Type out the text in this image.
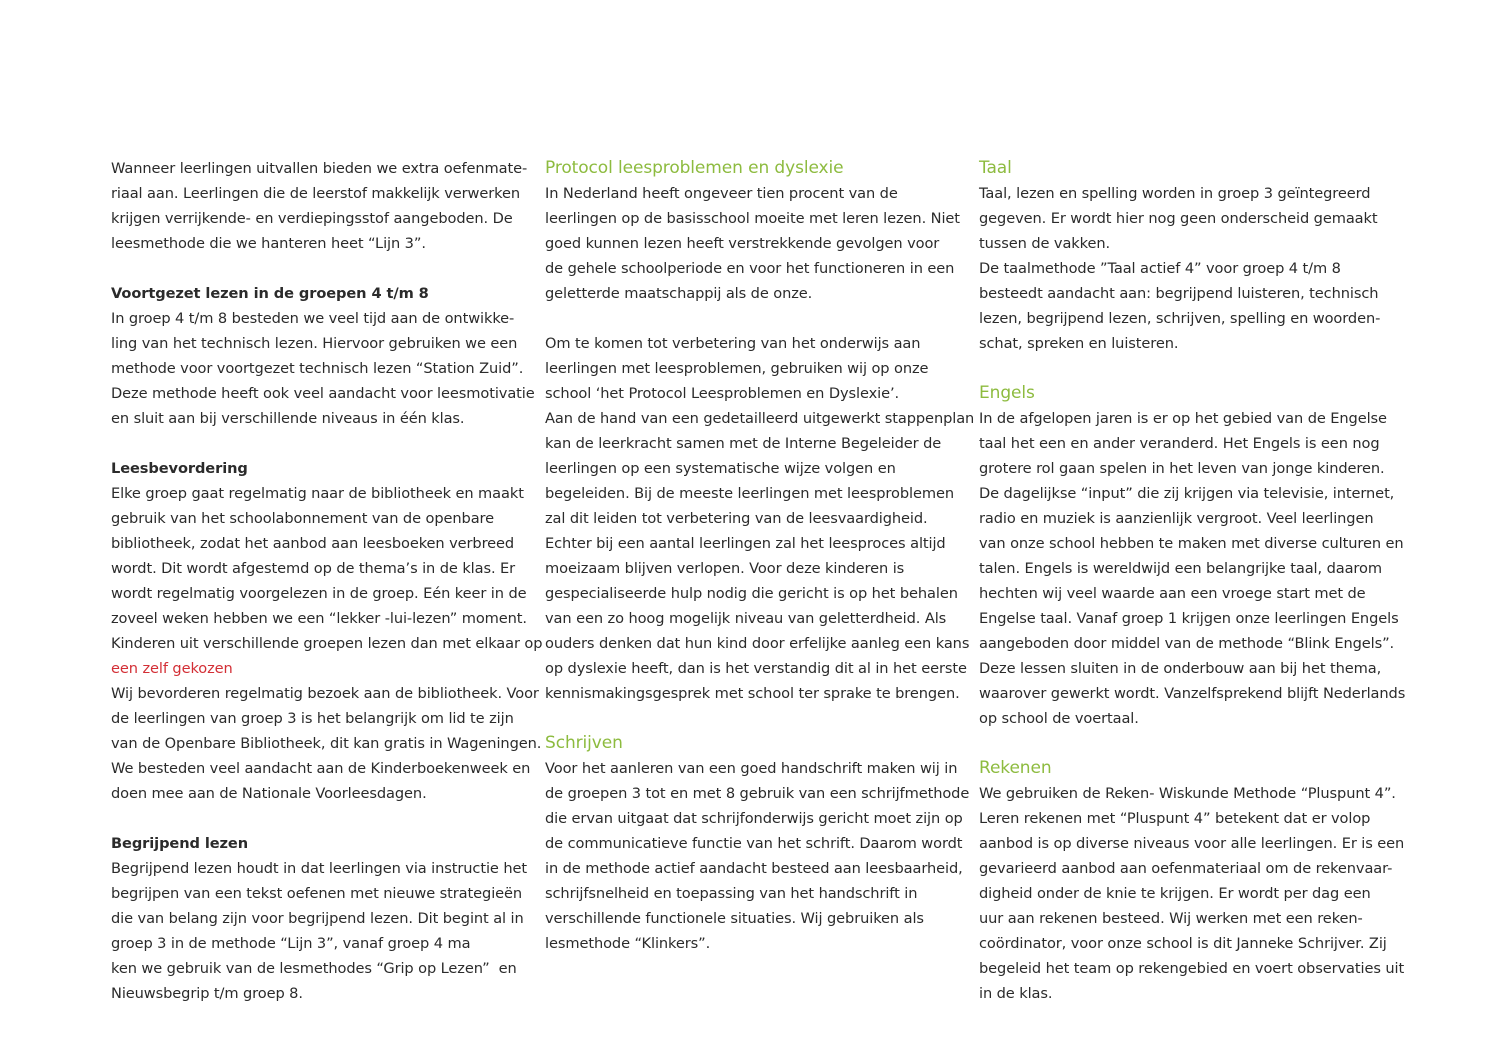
Wanneer leerlingen uitvallen bieden we extra oefenmate-
riaal aan. Leerlingen die de leerstof makkelijk verwerken
krijgen verrijkende- en verdiepingsstof aangeboden. De
leesmethode die we hanteren heet “Lijn 3”.
Voortgezet lezen in de groepen 4 t/m 8
In groep 4 t/m 8 besteden we veel tijd aan de ontwikke-
ling van het technisch lezen. Hiervoor gebruiken we een
methode voor voortgezet technisch lezen “Station Zuid”.
Deze methode heeft ook veel aandacht voor leesmotivatie
en sluit aan bij verschillende niveaus in één klas.
Leesbevordering
Elke groep gaat regelmatig naar de bibliotheek en maakt
gebruik van het schoolabonnement van de openbare
bibliotheek, zodat het aanbod aan leesboeken verbreed
wordt. Dit wordt afgestemd op de thema’s in de klas. Er
wordt regelmatig voorgelezen in de groep. Eén keer in de
zoveel weken hebben we een “lekker -lui-lezen” moment.
Kinderen uit verschillende groepen lezen dan met elkaar op
een zelf gekozen
Wij bevorderen regelmatig bezoek aan de bibliotheek. Voor
de leerlingen van groep 3 is het belangrijk om lid te zijn
van de Openbare Bibliotheek, dit kan gratis in Wageningen.
We besteden veel aandacht aan de Kinderboekenweek en
doen mee aan de Nationale Voorleesdagen.
Begrijpend lezen
Begrijpend lezen houdt in dat leerlingen via instructie het
begrijpen van een tekst oefenen met nieuwe strategieën
die van belang zijn voor begrijpend lezen. Dit begint al in
groep 3 in de methode “Lijn 3”, vanaf groep 4 ma
ken we gebruik van de lesmethodes “Grip op Lezen”  en
Nieuwsbegrip t/m groep 8.
Protocol leesproblemen en dyslexie
In Nederland heeft ongeveer tien procent van de
leerlingen op de basisschool moeite met leren lezen. Niet
goed kunnen lezen heeft verstrekkende gevolgen voor
de gehele schoolperiode en voor het functioneren in een
geletterde maatschappij als de onze.
Om te komen tot verbetering van het onderwijs aan
leerlingen met leesproblemen, gebruiken wij op onze
school ‘het Protocol Leesproblemen en Dyslexie’.
Aan de hand van een gedetailleerd uitgewerkt stappenplan
kan de leerkracht samen met de Interne Begeleider de
leerlingen op een systematische wijze volgen en
begeleiden. Bij de meeste leerlingen met leesproblemen
zal dit leiden tot verbetering van de leesvaardigheid.
Echter bij een aantal leerlingen zal het leesproces altijd
moeizaam blijven verlopen. Voor deze kinderen is
gespecialiseerde hulp nodig die gericht is op het behalen
van een zo hoog mogelijk niveau van geletterdheid. Als
ouders denken dat hun kind door erfelijke aanleg een kans
op dyslexie heeft, dan is het verstandig dit al in het eerste
kennismakingsgesprek met school ter sprake te brengen.
Schrijven
Voor het aanleren van een goed handschrift maken wij in
de groepen 3 tot en met 8 gebruik van een schrijfmethode
die ervan uitgaat dat schrijfonderwijs gericht moet zijn op
de communicatieve functie van het schrift. Daarom wordt
in de methode actief aandacht besteed aan leesbaarheid,
schrijfsnelheid en toepassing van het handschrift in
verschillende functionele situaties. Wij gebruiken als
lesmethode “Klinkers”.
Taal
Taal, lezen en spelling worden in groep 3 geïntegreerd
gegeven. Er wordt hier nog geen onderscheid gemaakt
tussen de vakken.
De taalmethode ”Taal actief 4” voor groep 4 t/m 8
besteedt aandacht aan: begrijpend luisteren, technisch
lezen, begrijpend lezen, schrijven, spelling en woorden-
schat, spreken en luisteren.
Engels
In de afgelopen jaren is er op het gebied van de Engelse
taal het een en ander veranderd. Het Engels is een nog
grotere rol gaan spelen in het leven van jonge kinderen.
De dagelijkse “input” die zij krijgen via televisie, internet,
radio en muziek is aanzienlijk vergroot. Veel leerlingen
van onze school hebben te maken met diverse culturen en
talen. Engels is wereldwijd een belangrijke taal, daarom
hechten wij veel waarde aan een vroege start met de
Engelse taal. Vanaf groep 1 krijgen onze leerlingen Engels
aangeboden door middel van de methode “Blink Engels”.
Deze lessen sluiten in de onderbouw aan bij het thema,
waarover gewerkt wordt. Vanzelfsprekend blijft Nederlands
op school de voertaal.
Rekenen
We gebruiken de Reken- Wiskunde Methode “Pluspunt 4”.
Leren rekenen met “Pluspunt 4” betekent dat er volop
aanbod is op diverse niveaus voor alle leerlingen. Er is een
gevarieerd aanbod aan oefenmateriaal om de rekenvaar-
digheid onder de knie te krijgen. Er wordt per dag een
uur aan rekenen besteed. Wij werken met een reken-
coördinator, voor onze school is dit Janneke Schrijver. Zij
begeleid het team op rekengebied en voert observaties uit
in de klas.
